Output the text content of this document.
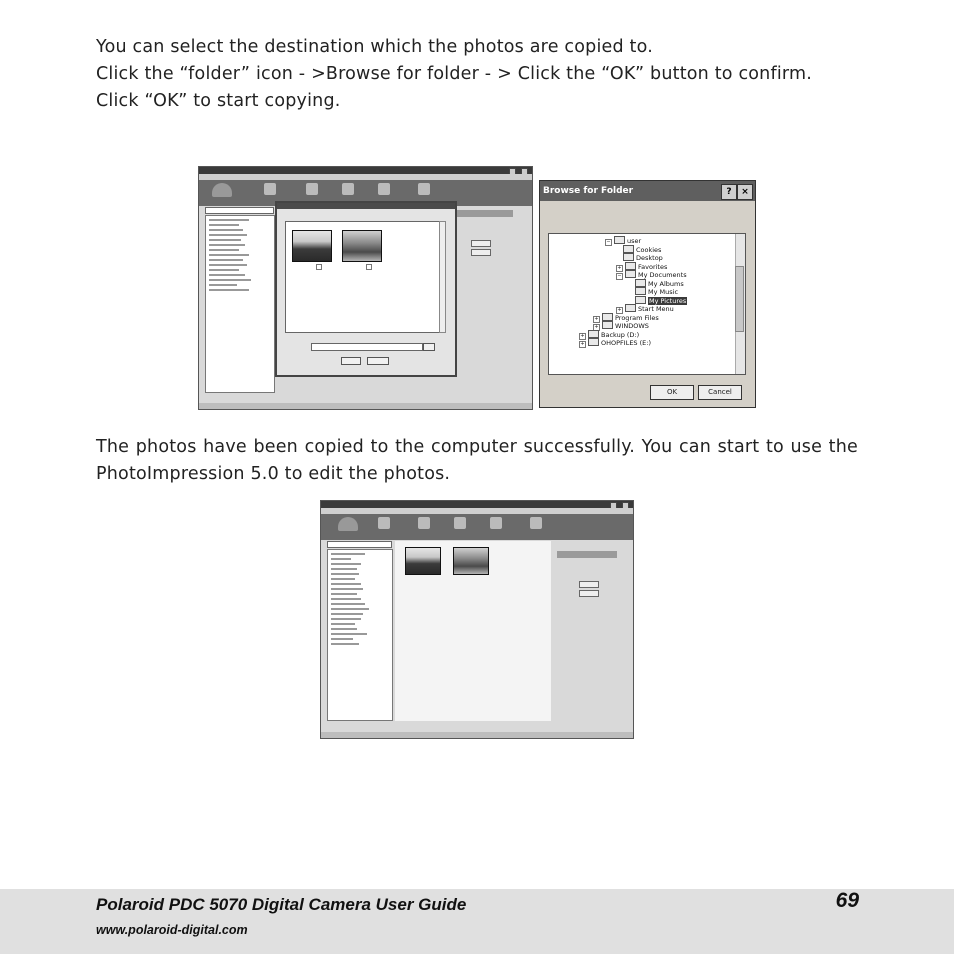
You can select the destination which the photos are copied to.

Click the “folder” icon - >Browse for folder - > Click the “OK” button to confirm.

Click “OK” to start copying.

Browse for Folder	?	×
−	user
Cookies
Desktop
+	Favorites
−	My Documents
My Albums
My Music
My Pictures
+	Start Menu
+	Program Files
+	WINDOWS
+	Backup (D:)
+	OHOPFILES (E:)
OK	Cancel

The photos have been copied to the computer successfully. You can start to use the PhotoImpression 5.0 to edit the photos.

Polaroid PDC 5070 Digital Camera User Guide
www.polaroid-digital.com
69
